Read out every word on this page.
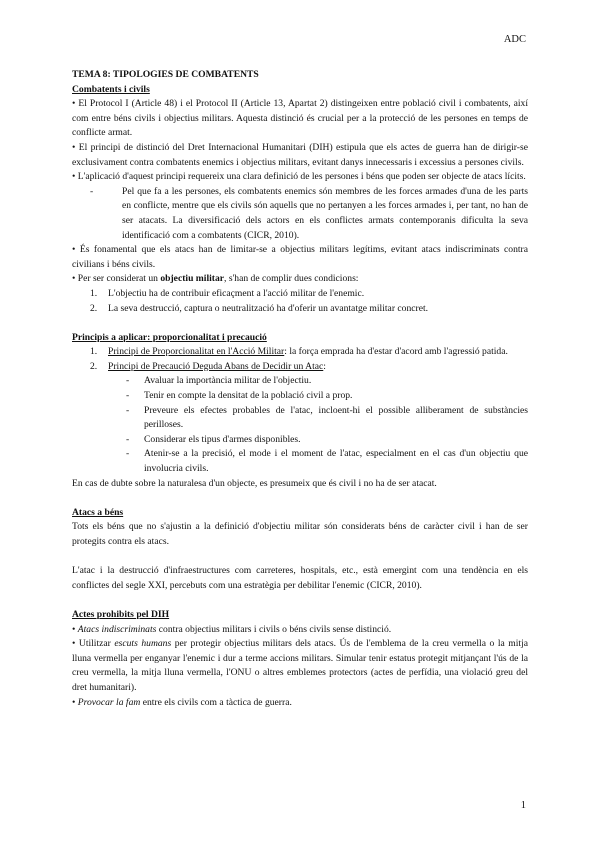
ADC

TEMA 8: TIPOLOGIES DE COMBATENTS

Combatents i civils

• El Protocol I (Article 48) i el Protocol II (Article 13, Apartat 2) distingeixen entre població civil i combatents, així com entre béns civils i objectius militars. Aquesta distinció és crucial per a la protecció de les persones en temps de conflicte armat.

• El principi de distinció del Dret Internacional Humanitari (DIH) estipula que els actes de guerra han de dirigir-se exclusivament contra combatents enemics i objectius militars, evitant danys innecessaris i excessius a persones civils.

• L'aplicació d'aquest principi requereix una clara definició de les persones i béns que poden ser objecte de atacs lícits.

-	Pel que fa a les persones, els combatents enemics són membres de les forces armades d'una de les parts en conflicte, mentre que els civils són aquells que no pertanyen a les forces armades i, per tant, no han de ser atacats. La diversificació dels actors en els conflictes armats contemporanis dificulta la seva identificació com a combatents (CICR, 2010).

• És fonamental que els atacs han de limitar-se a objectius militars legítims, evitant atacs indiscriminats contra civilians i béns civils.

• Per ser considerat un objectiu militar, s'han de complir dues condicions:

1. L'objectiu ha de contribuir eficaçment a l'acció militar de l'enemic.
2. La seva destrucció, captura o neutralització ha d'oferir un avantatge militar concret.

Principis a aplicar: proporcionalitat i precaució

1. Principi de Proporcionalitat en l'Acció Militar: la força emprada ha d'estar d'acord amb l'agressió patida.
2. Principi de Precaució Deguda Abans de Decidir un Atac:
- Avaluar la importància militar de l'objectiu.
- Tenir en compte la densitat de la població civil a prop.
- Preveure els efectes probables de l'atac, incloent-hi el possible alliberament de substàncies perilloses.
- Considerar els tipus d'armes disponibles.
- Atenir-se a la precisió, el mode i el moment de l'atac, especialment en el cas d'un objectiu que involucria civils.

En cas de dubte sobre la naturalesa d'un objecte, es presumeix que és civil i no ha de ser atacat.

Atacs a béns

Tots els béns que no s'ajustin a la definició d'objectiu militar són considerats béns de caràcter civil i han de ser protegits contra els atacs.

L'atac i la destrucció d'infraestructures com carreteres, hospitals, etc., està emergint com una tendència en els conflictes del segle XXI, percebuts com una estratègia per debilitar l'enemic (CICR, 2010).

Actes prohibits pel DIH

• Atacs indiscriminats contra objectius militars i civils o béns civils sense distinció.

• Utilitzar escuts humans per protegir objectius militars dels atacs. Ús de l'emblema de la creu vermella o la mitja lluna vermella per enganyar l'enemic i dur a terme accions militars. Simular tenir estatus protegit mitjançant l'ús de la creu vermella, la mitja lluna vermella, l'ONU o altres emblemes protectors (actes de perfídia, una violació greu del dret humanitari).

• Provocar la fam entre els civils com a tàctica de guerra.

1
